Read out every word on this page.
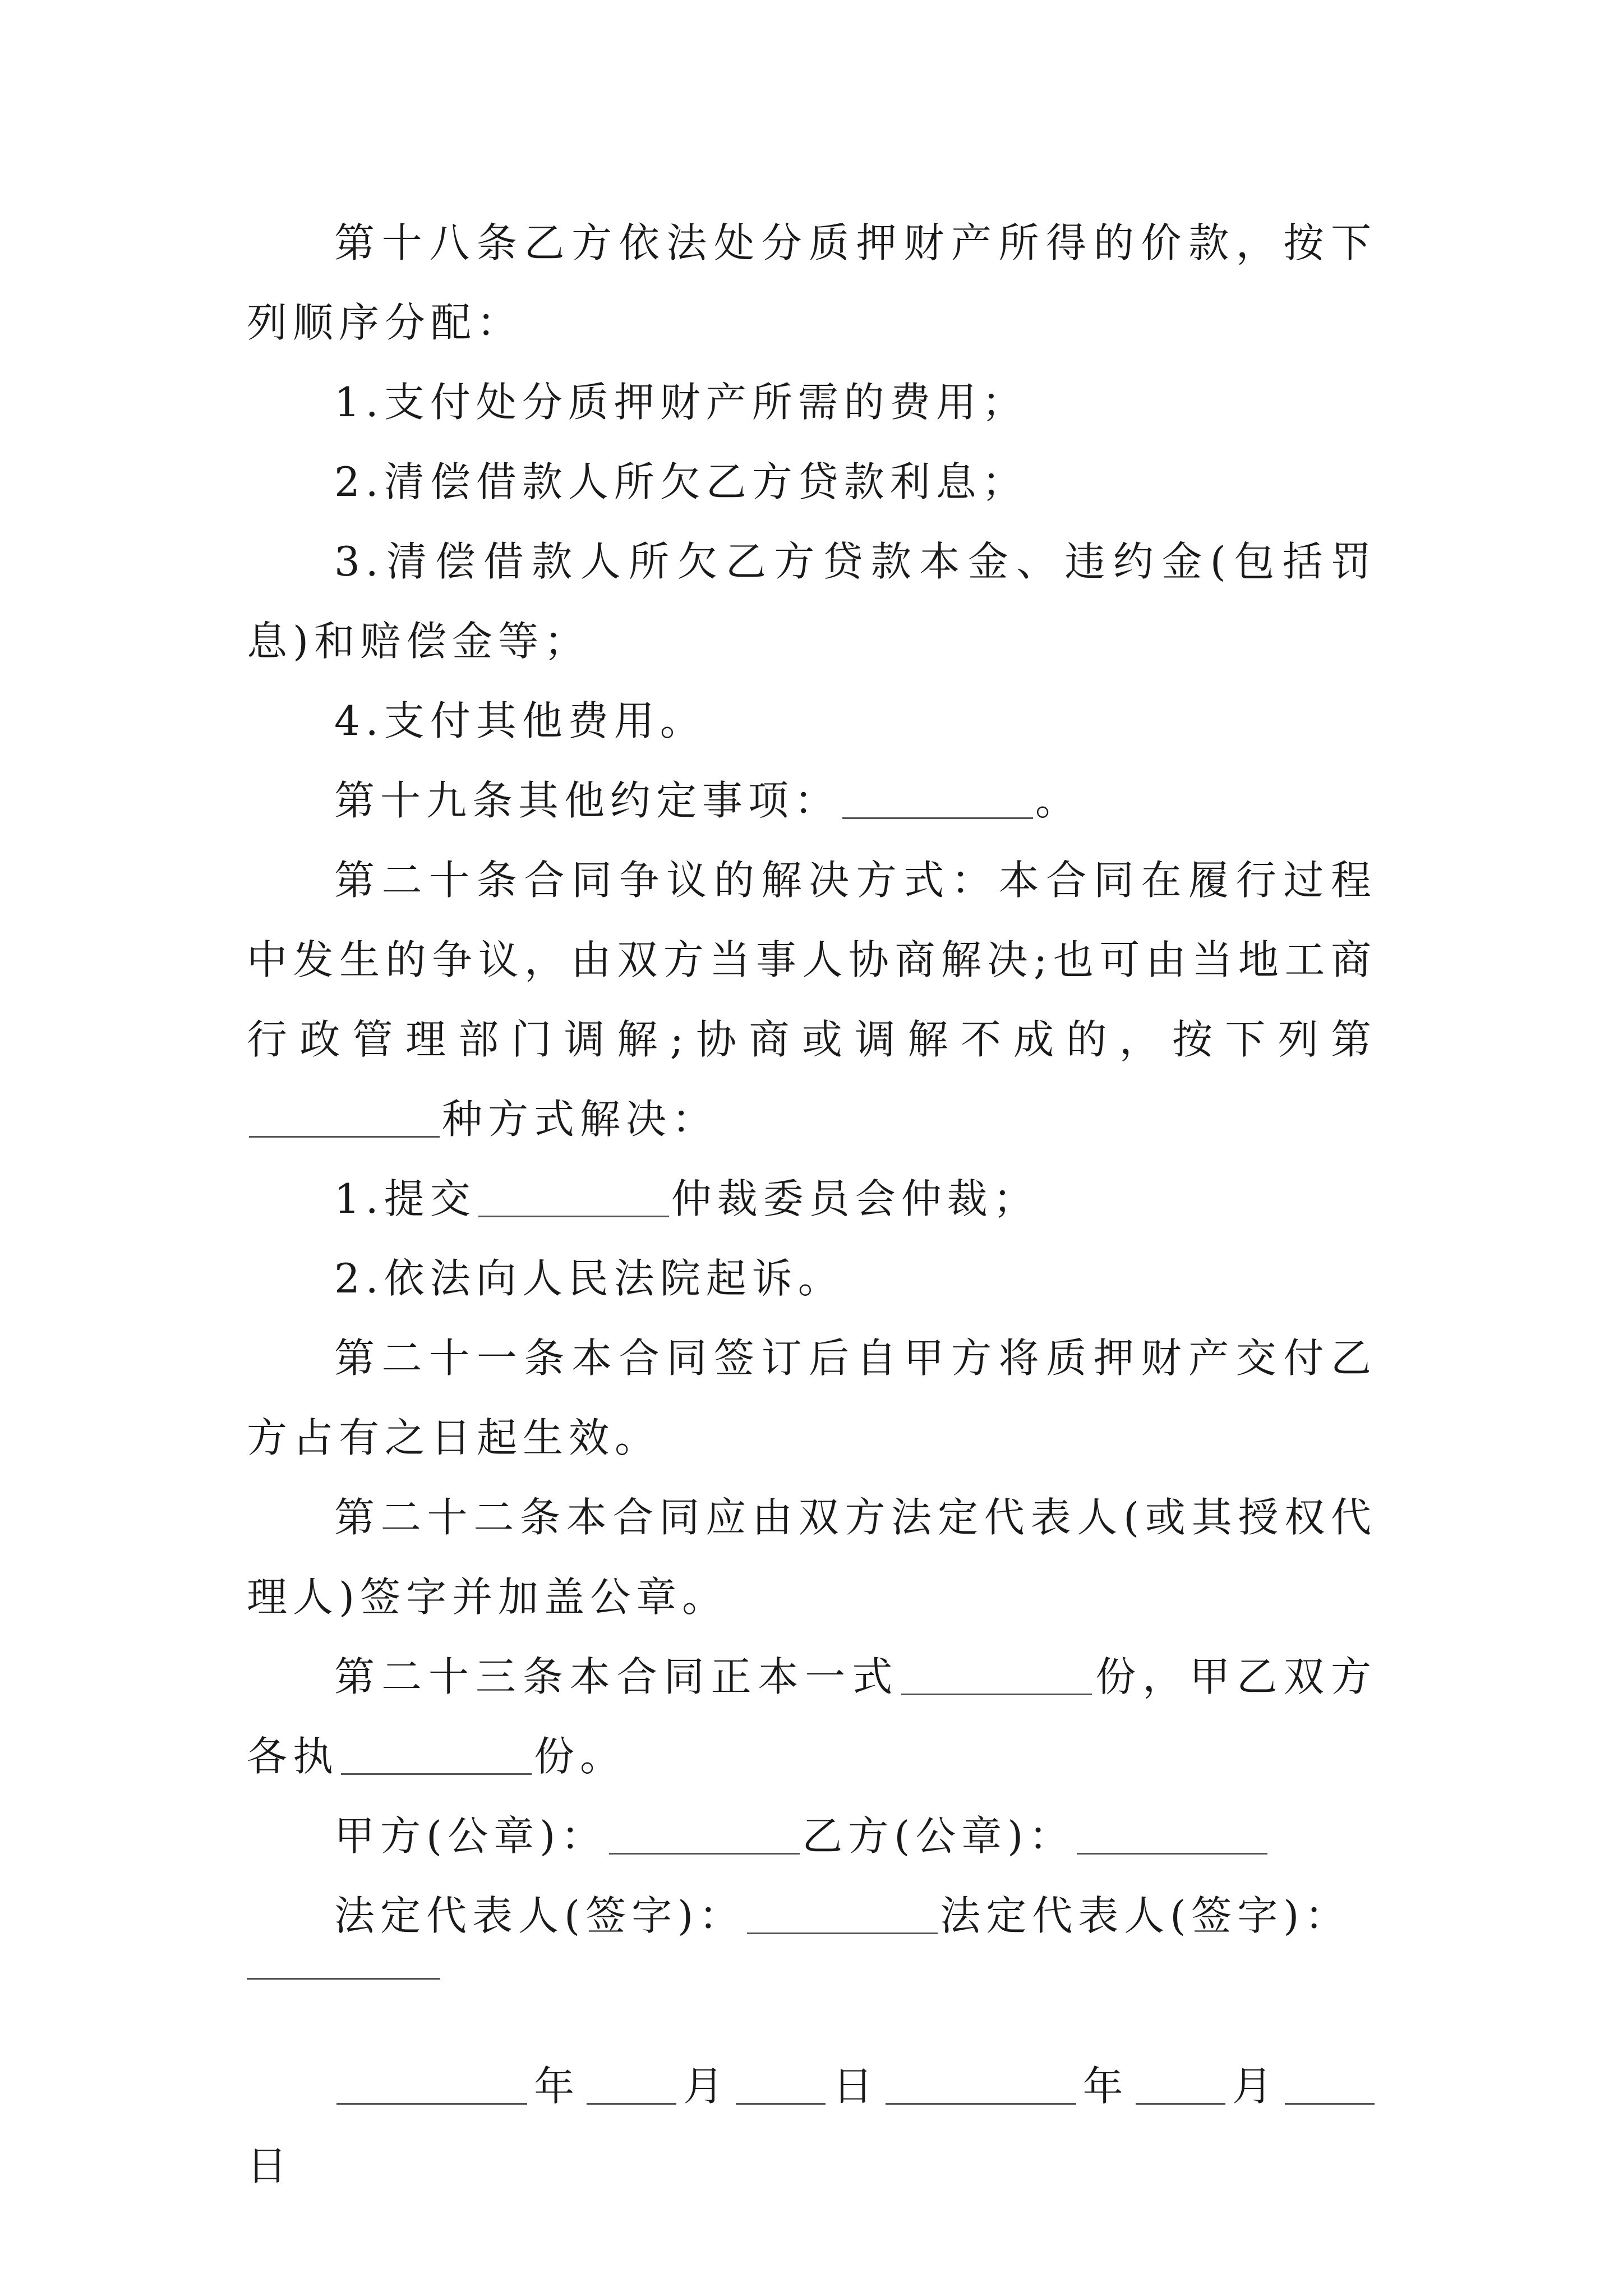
第十八条乙方依法处分质押财产所得的价款，按下列顺序分配：

1.支付处分质押财产所需的费用；

2.清偿借款人所欠乙方贷款利息；

3.清偿借款人所欠乙方贷款本金、违约金(包括罚息)和赔偿金等；

4.支付其他费用。

第十九条其他约定事项：	。

第二十条合同争议的解决方式：本合同在履行过程中发生的争议，由双方当事人协商解决;也可由当地工商行政管理部门调解;协商或调解不成的，按下列第种方式解决：

1.提交	仲裁委员会仲裁；

2.依法向人民法院起诉。

第二十一条本合同签订后自甲方将质押财产交付乙方占有之日起生效。

第二十二条本合同应由双方法定代表人(或其授权代理人)签字并加盖公章。

第二十三条本合同正本一式	份，甲乙双方各执	份。

甲方(公章)：	乙方(公章)：

法定代表人(签字)：	法定代表人(签字)：

年 月 日	年 月日
